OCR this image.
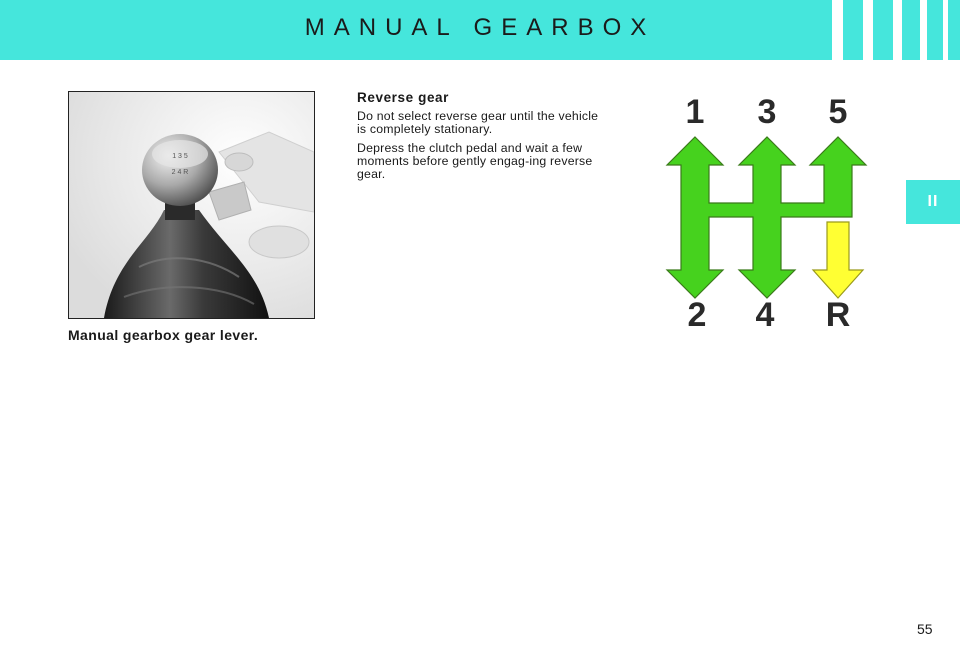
MANUAL GEARBOX
II
1 3 5
2 4 R
Manual gearbox gear lever.
Reverse gear

Do not select reverse gear until the vehicle is completely stationary.

Depress the clutch pedal and wait a few moments before gently engag-ing reverse gear.

1 3 5
2 4 R
55
